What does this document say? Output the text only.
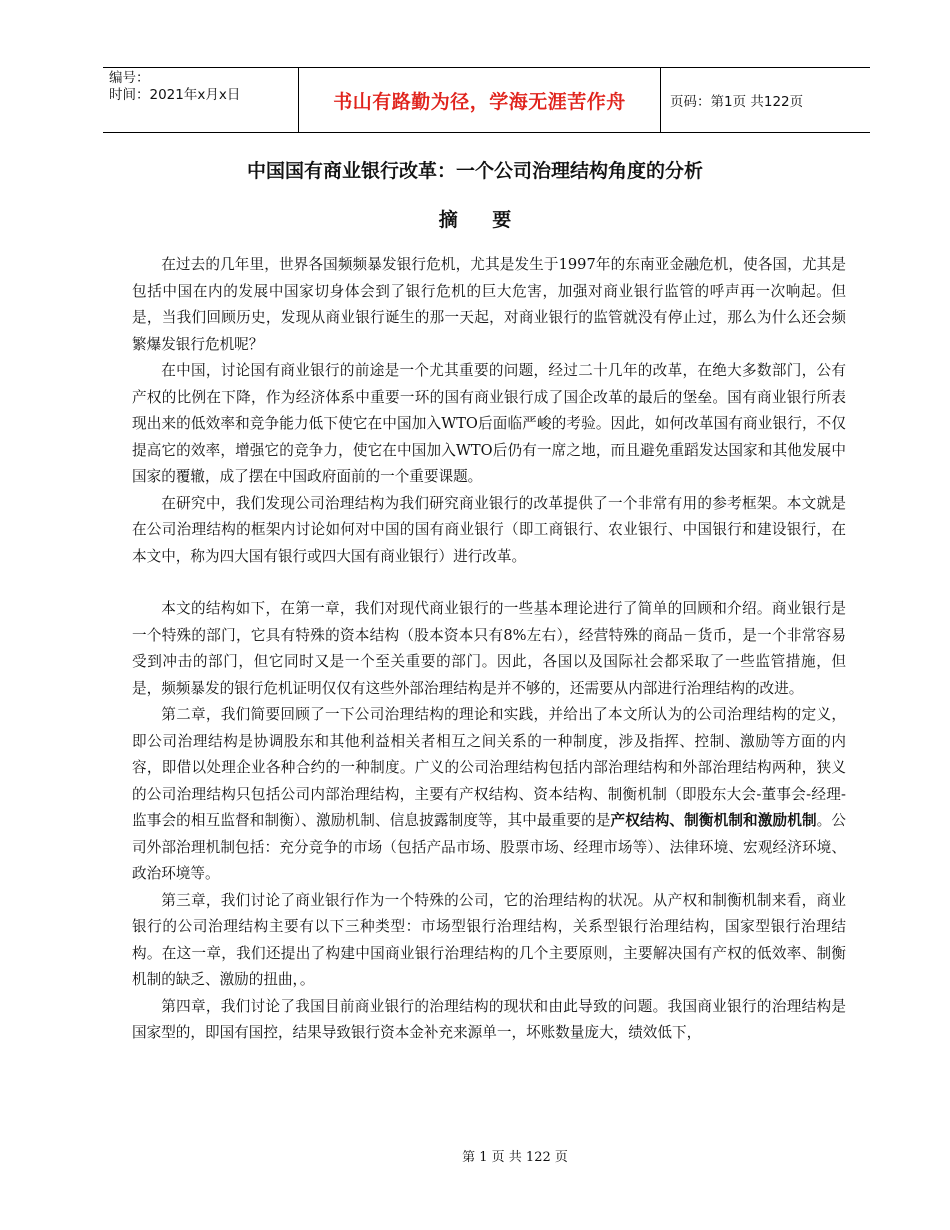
编号：
时间：2021年x月x日	书山有路勤为径，学海无涯苦作舟	页码：第1页 共122页
中国国有商业银行改革：一个公司治理结构角度的分析
摘 要

在过去的几年里，世界各国频频暴发银行危机，尤其是发生于1997年的东南亚金融危机，使各国，尤其是包括中国在内的发展中国家切身体会到了银行危机的巨大危害，加强对商业银行监管的呼声再一次响起。但是，当我们回顾历史，发现从商业银行诞生的那一天起，对商业银行的监管就没有停止过，那么为什么还会频繁爆发银行危机呢？

在中国，讨论国有商业银行的前途是一个尤其重要的问题，经过二十几年的改革，在绝大多数部门，公有产权的比例在下降，作为经济体系中重要一环的国有商业银行成了国企改革的最后的堡垒。国有商业银行所表现出来的低效率和竞争能力低下使它在中国加入WTO后面临严峻的考验。因此，如何改革国有商业银行，不仅提高它的效率，增强它的竞争力，使它在中国加入WTO后仍有一席之地，而且避免重蹈发达国家和其他发展中国家的覆辙，成了摆在中国政府面前的一个重要课题。

在研究中，我们发现公司治理结构为我们研究商业银行的改革提供了一个非常有用的参考框架。本文就是在公司治理结构的框架内讨论如何对中国的国有商业银行（即工商银行、农业银行、中国银行和建设银行，在本文中，称为四大国有银行或四大国有商业银行）进行改革。

本文的结构如下，在第一章，我们对现代商业银行的一些基本理论进行了简单的回顾和介绍。商业银行是一个特殊的部门，它具有特殊的资本结构（股本资本只有8%左右），经营特殊的商品－货币，是一个非常容易受到冲击的部门，但它同时又是一个至关重要的部门。因此，各国以及国际社会都采取了一些监管措施，但是，频频暴发的银行危机证明仅仅有这些外部治理结构是并不够的，还需要从内部进行治理结构的改进。

第二章，我们简要回顾了一下公司治理结构的理论和实践，并给出了本文所认为的公司治理结构的定义，即公司治理结构是协调股东和其他利益相关者相互之间关系的一种制度，涉及指挥、控制、激励等方面的内容，即借以处理企业各种合约的一种制度。广义的公司治理结构包括内部治理结构和外部治理结构两种，狭义的公司治理结构只包括公司内部治理结构，主要有产权结构、资本结构、制衡机制（即股东大会-董事会-经理-监事会的相互监督和制衡）、激励机制、信息披露制度等，其中最重要的是产权结构、制衡机制和激励机制。公司外部治理机制包括：充分竞争的市场（包括产品市场、股票市场、经理市场等）、法律环境、宏观经济环境、政治环境等。

第三章，我们讨论了商业银行作为一个特殊的公司，它的治理结构的状况。从产权和制衡机制来看，商业银行的公司治理结构主要有以下三种类型：市场型银行治理结构，关系型银行治理结构，国家型银行治理结构。在这一章，我们还提出了构建中国商业银行治理结构的几个主要原则，主要解决国有产权的低效率、制衡机制的缺乏、激励的扭曲，。

第四章，我们讨论了我国目前商业银行的治理结构的现状和由此导致的问题。我国商业银行的治理结构是国家型的，即国有国控，结果导致银行资本金补充来源单一，坏账数量庞大，绩效低下，

第 1 页 共 122 页
